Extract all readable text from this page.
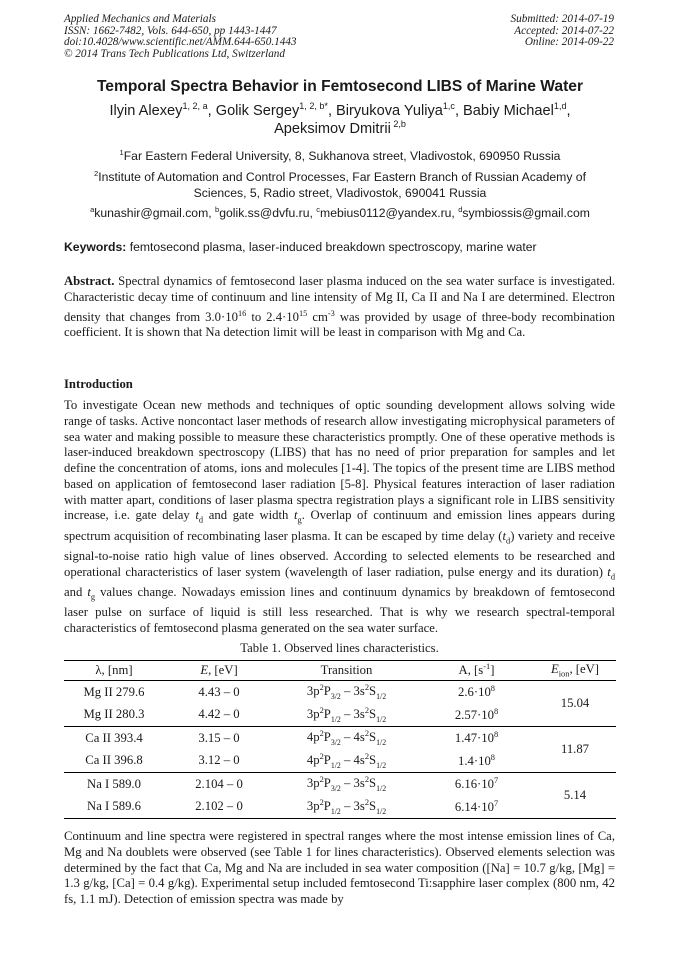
Applied Mechanics and Materials
ISSN: 1662-7482, Vols. 644-650, pp 1443-1447
doi:10.4028/www.scientific.net/AMM.644-650.1443
© 2014 Trans Tech Publications Ltd, Switzerland
Submitted: 2014-07-19
Accepted: 2014-07-22
Online: 2014-09-22
Temporal Spectra Behavior in Femtosecond LIBS of Marine Water
Ilyin Alexey$^{1, 2, a}$, Golik Sergey$^{1, 2, b*}$, Biryukova Yuliya$^{1,c}$, Babiy Michael$^{1,d}$,
Apeksimov Dmitrii $^{2,b}$
$^1$Far Eastern Federal University, 8, Sukhanova street, Vladivostok, 690950 Russia
$^2$Institute of Automation and Control Processes, Far Eastern Branch of Russian Academy of Sciences, 5, Radio street, Vladivostok, 690041 Russia
$^a$kunashir@gmail.com, $^b$golik.ss@dvfu.ru, $^c$mebius0112@yandex.ru, $^d$symbiossis@gmail.com
Keywords: femtosecond plasma, laser-induced breakdown spectroscopy, marine water
Abstract. Spectral dynamics of femtosecond laser plasma induced on the sea water surface is investigated. Characteristic decay time of continuum and line intensity of Mg II, Ca II and Na I are determined. Electron density that changes from $3.0\cdot 10^{16}$ to $2.4\cdot 10^{15}$ $cm^{-3}$ was provided by usage of three-body recombination coefficient. It is shown that Na detection limit will be least in comparison with Mg and Ca.
Introduction
To investigate Ocean new methods and techniques of optic sounding development allows solving wide range of tasks. Active noncontact laser methods of research allow investigating microphysical parameters of sea water and making possible to measure these characteristics promptly. One of these operative methods is laser-induced breakdown spectroscopy (LIBS) that has no need of prior preparation for samples and let define the concentration of atoms, ions and molecules [1-4]. The topics of the present time are LIBS method based on application of femtosecond laser radiation [5-8]. Physical features interaction of laser radiation with matter apart, conditions of laser plasma spectra registration plays a significant role in LIBS sensitivity increase, i.e. gate delay $t_d$ and gate width $t_g$. Overlap of continuum and emission lines appears during spectrum acquisition of recombinating laser plasma. It can be escaped by time delay $(t_d)$ variety and receive signal-to-noise ratio high value of lines observed. According to selected elements to be researched and operational characteristics of laser system (wavelength of laser radiation, pulse energy and its duration) $t_d$ and $t_g$ values change. Nowadays emission lines and continuum dynamics by breakdown of femtosecond laser pulse on surface of liquid is still less researched. That is why we research spectral-temporal characteristics of femtosecond plasma generated on the sea water surface.
Table 1. Observed lines characteristics.
λ, [nm]	E, [eV]	Transition	A, $[s^{-1}]$	$E_{ion}$, [eV]
Mg II 279.6	4.43 – 0	$3p^2P_{3/2} - 3s^2S_{1/2}$	$2.6\cdot 10^8$	15.04
Mg II 280.3	4.42 – 0	$3p^2P_{1/2} - 3s^2S_{1/2}$	$2.57\cdot 10^8$
Ca II 393.4	3.15 – 0	$4p^2P_{3/2} - 4s^2S_{1/2}$	$1.47\cdot 10^8$	11.87
Ca II 396.8	3.12 – 0	$4p^2P_{1/2} - 4s^2S_{1/2}$	$1.4\cdot 10^8$
Na I 589.0	2.104 – 0	$3p^2P_{3/2} - 3s^2S_{1/2}$	$6.16\cdot 10^7$	5.14
Na I 589.6	2.102 – 0	$3p^2P_{1/2} - 3s^2S_{1/2}$	$6.14\cdot 10^7$
Continuum and line spectra were registered in spectral ranges where the most intense emission lines of Ca, Mg and Na doublets were observed (see Table 1 for lines characteristics). Observed elements selection was determined by the fact that Ca, Mg and Na are included in sea water composition ([Na] = 10.7 g/kg, [Mg] = 1.3 g/kg, [Ca] = 0.4 g/kg). Experimental setup included femtosecond Ti:sapphire laser complex (800 nm, 42 fs, 1.1 mJ). Detection of emission spectra was made by
